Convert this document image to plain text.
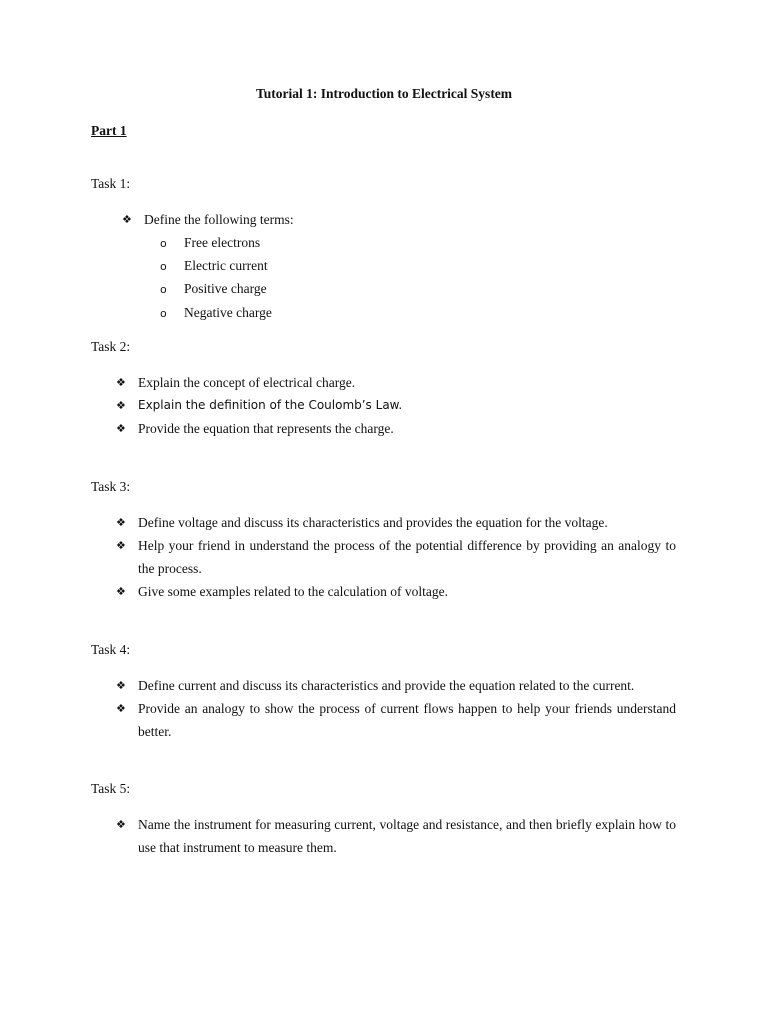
Tutorial 1: Introduction to Electrical System
Part 1
Task 1:
❖ Define the following terms:
o Free electrons
o Electric current
o Positive charge
o Negative charge
Task 2:
❖ Explain the concept of electrical charge.
❖ Explain the definition of the Coulomb’s Law.
❖ Provide the equation that represents the charge.
Task 3:
❖ Define voltage and discuss its characteristics and provides the equation for the voltage.
❖ Help your friend in understand the process of the potential difference by providing an analogy to the process.
❖ Give some examples related to the calculation of voltage.
Task 4:
❖ Define current and discuss its characteristics and provide the equation related to the current.
❖ Provide an analogy to show the process of current flows happen to help your friends understand better.
Task 5:
❖ Name the instrument for measuring current, voltage and resistance, and then briefly explain how to use that instrument to measure them.
